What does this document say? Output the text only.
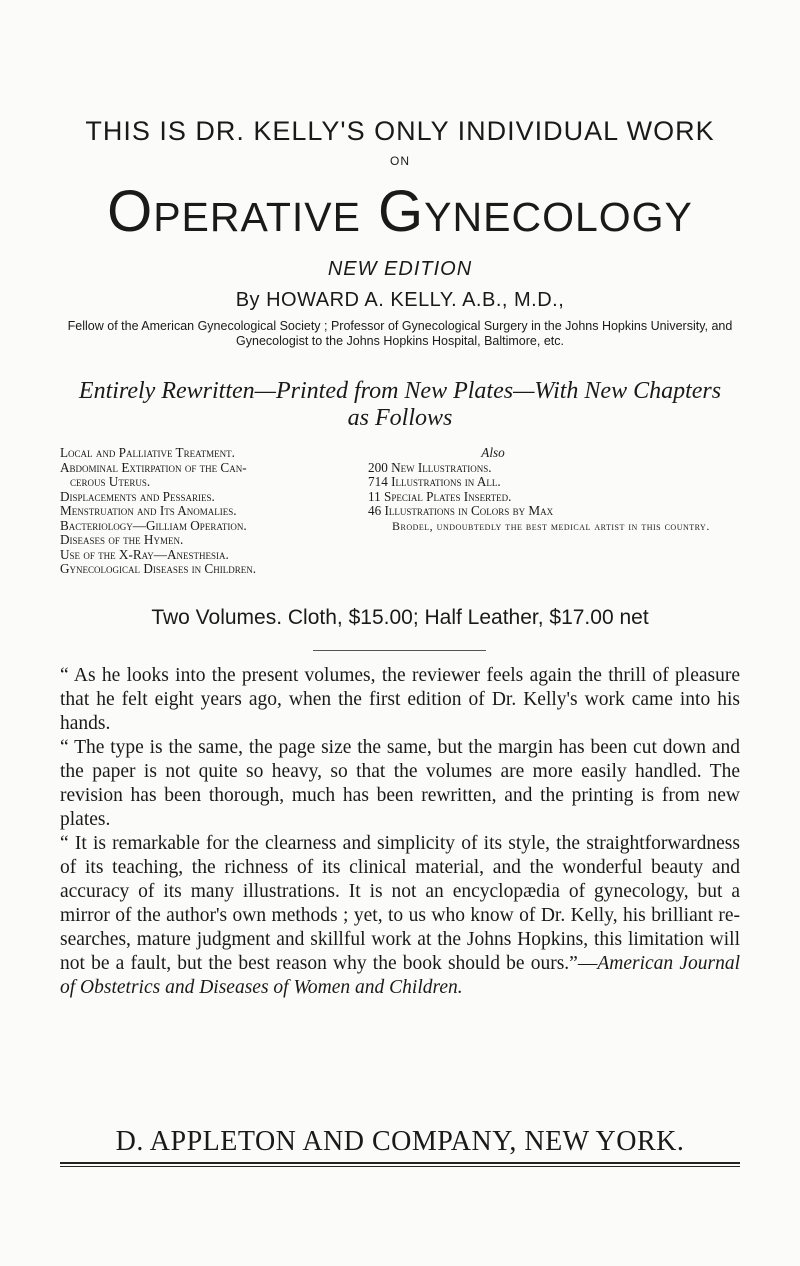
THIS IS DR. KELLY'S ONLY INDIVIDUAL WORK
ON
Operative Gynecology
NEW EDITION
By HOWARD A. KELLY. A.B., M.D.,
Fellow of the American Gynecological Society ; Professor of Gynecological Surgery in the Johns Hopkins University, and Gynecologist to the Johns Hopkins Hospital, Baltimore, etc.
Entirely Rewritten—Printed from New Plates—With New Chapters
as Follows
Local and Palliative Treatment.
Abdominal Extirpation of the Can-
cerous Uterus.
Displacements and Pessaries.
Menstruation and Its Anomalies.
Bacteriology—Gilliam Operation.
Diseases of the Hymen.
Use of the X-Ray—Anesthesia.
Gynecological Diseases in Children.
Also
200 New Illustrations.
714 Illustrations in All.
11 Special Plates Inserted.
46 Illustrations in Colors by Max
Brodel, undoubtedly the best medical artist in this country.
Two Volumes. Cloth, $15.00; Half Leather, $17.00 net

“ As he looks into the present volumes, the reviewer feels again the thrill of pleasure that he felt eight years ago, when the first edition of Dr. Kelly's work came into his hands.

“ The type is the same, the page size the same, but the margin has been cut down and the paper is not quite so heavy, so that the volumes are more easily handled. The revision has been thorough, much has been rewritten, and the printing is from new plates.

“ It is remarkable for the clearness and simplicity of its style, the straightforwardness of its teaching, the richness of its clinical material, and the wonderful beauty and accuracy of its many illustrations. It is not an encyclopædia of gynecology, but a mirror of the author's own methods ; yet, to us who know of Dr. Kelly, his brilliant re-searches, mature judgment and skillful work at the Johns Hopkins, this limitation will not be a fault, but the best reason why the book should be ours.”—American Journal of Obstetrics and Diseases of Women and Children.

D. APPLETON AND COMPANY, NEW YORK.
